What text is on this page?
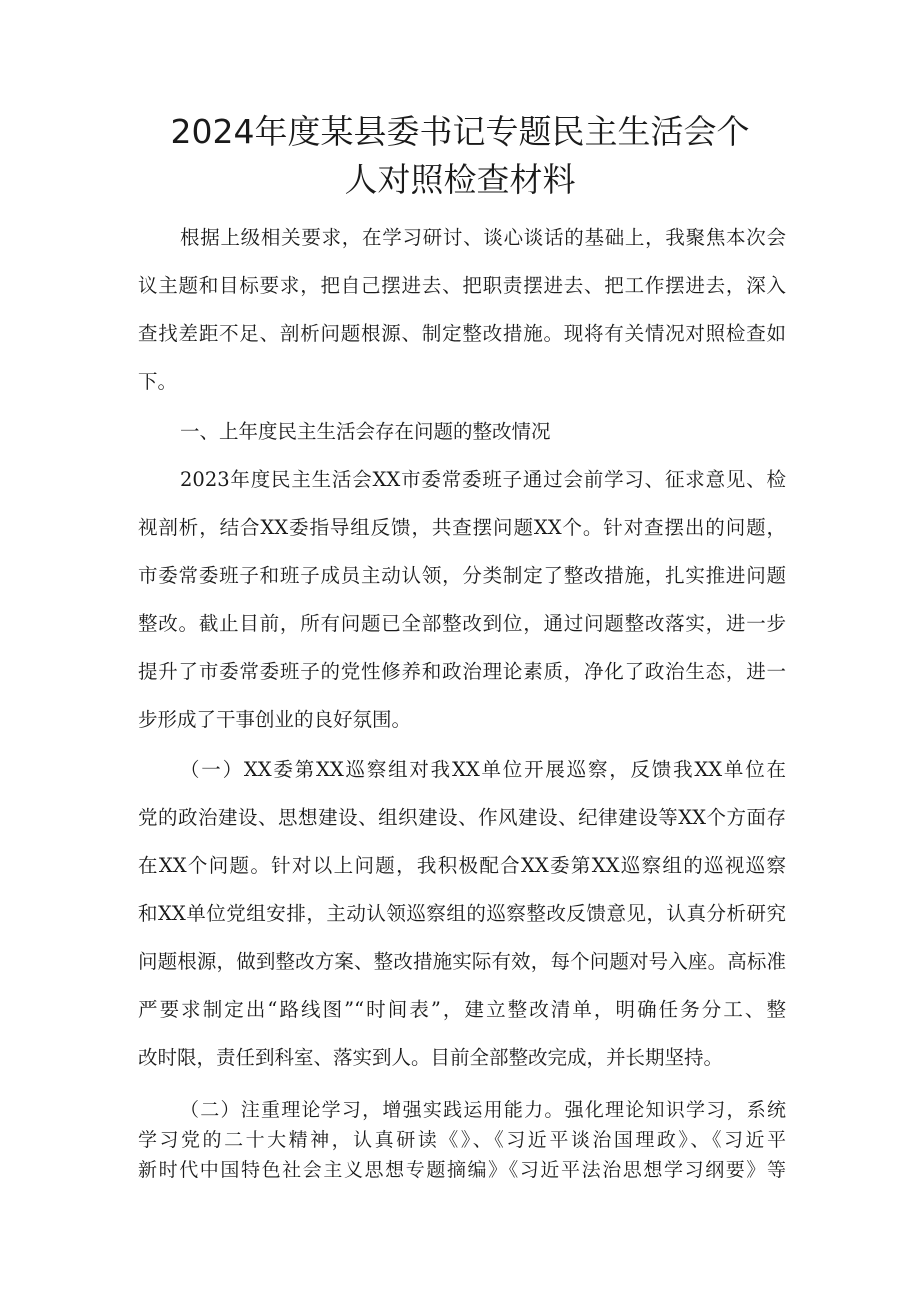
2024年度某县委书记专题民主生活会个
人对照检查材料

根据上级相关要求，在学习研讨、谈心谈话的基础上，我聚焦本次会

议主题和目标要求，把自己摆进去、把职责摆进去、把工作摆进去，深入

查找差距不足、剖析问题根源、制定整改措施。现将有关情况对照检查如

下。

一、上年度民主生活会存在问题的整改情况

2023年度民主生活会XX市委常委班子通过会前学习、征求意见、检

视剖析，结合XX委指导组反馈，共查摆问题XX个。针对查摆出的问题，

市委常委班子和班子成员主动认领，分类制定了整改措施，扎实推进问题

整改。截止目前，所有问题已全部整改到位，通过问题整改落实，进一步

提升了市委常委班子的党性修养和政治理论素质，净化了政治生态，进一

步形成了干事创业的良好氛围。

（一）XX委第XX巡察组对我XX单位开展巡察，反馈我XX单位在

党的政治建设、思想建设、组织建设、作风建设、纪律建设等XX个方面存

在XX个问题。针对以上问题，我积极配合XX委第XX巡察组的巡视巡察

和XX单位党组安排，主动认领巡察组的巡察整改反馈意见，认真分析研究

问题根源，做到整改方案、整改措施实际有效，每个问题对号入座。高标准

严要求制定出“路线图”“时间表”，建立整改清单，明确任务分工、整

改时限，责任到科室、落实到人。目前全部整改完成，并长期坚持。

（二）注重理论学习，增强实践运用能力。强化理论知识学习，系统

学习党的二十大精神，认真研读《》、《习近平谈治国理政》、《习近平

新时代中国特色社会主义思想专题摘编》《习近平法治思想学习纲要》等
